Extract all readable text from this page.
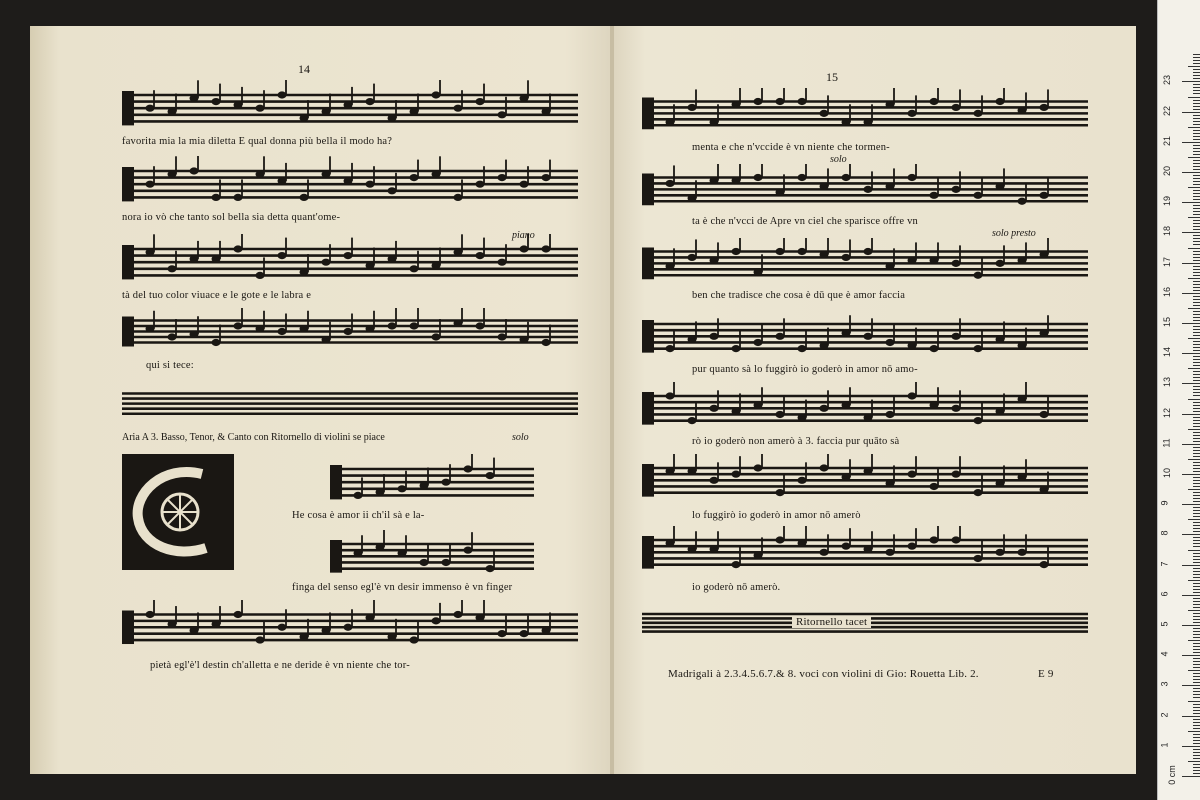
14
favorita mia la mia diletta E qual donna più bella il modo ha?
nora io vò che tanto sol bella sia detta quant'ome-
piano
tà del tuo color viuace e le gote e le labra e
qui si tece:
Aria A 3. Basso, Tenor, & Canto con Ritornello di violini se piace	solo
He cosa è amor ii ch'il sà e la-
finga del senso egl'è vn desir immenso è vn finger
pietà egl'è'l destin ch'alletta e ne deride è vn niente che tor-
15
menta e che n'vccide è vn niente che tormen-
solo
ta è che n'vcci de Apre vn ciel che sparisce offre vn
solo presto
ben che tradisce che cosa è dū que è amor faccia
pur quanto sà lo fuggirò io goderò in amor nō amo-
rò io goderò non amerò à 3. faccia pur quāto sà
lo fuggirò io goderò in amor nō amerò
io goderò nō amerò.
Ritornello tacet
Madrigali à 2.3.4.5.6.7.& 8. voci con violini di Gio: Rouetta Lib. 2.	E 9
0 cm
1
2
3
4
5
6
7
8
9
10
11
12
13
14
15
16
17
18
19
20
21
22
23
